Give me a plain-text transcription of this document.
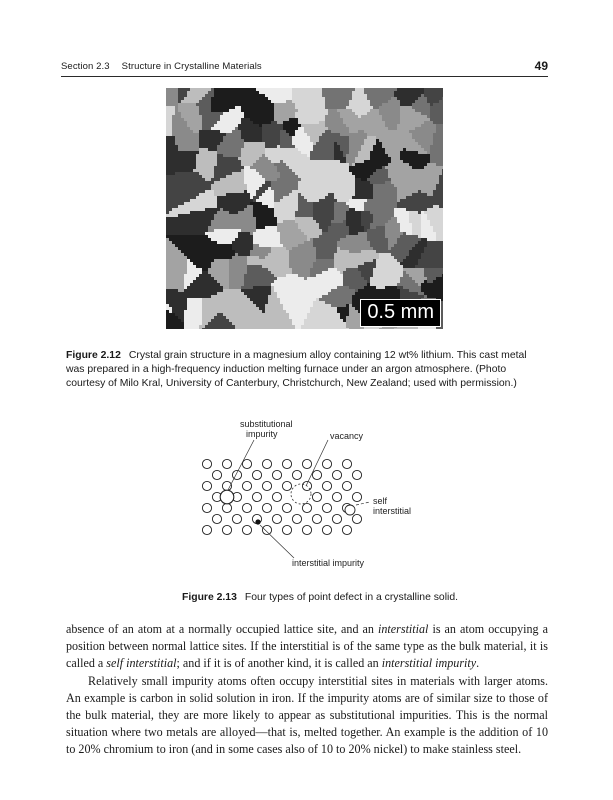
Section 2.3 Structure in Crystalline Materials	49
0.5 mm
Figure 2.12 Crystal grain structure in a magnesium alloy containing 12 wt% lithium. This cast metal was prepared in a high-frequency induction melting furnace under an argon atmosphere. (Photo courtesy of Milo Kral, University of Canterbury, Christchurch, New Zealand; used with permission.)
substitutional
impurity	vacancy
self
interstitial
interstitial impurity
Figure 2.13 Four types of point defect in a crystalline solid.

absence of an atom at a normally occupied lattice site, and an interstitial is an atom occupying a position between normal lattice sites. If the interstitial is of the same type as the bulk material, it is called a self interstitial; and if it is of another kind, it is called an interstitial impurity.

Relatively small impurity atoms often occupy interstitial sites in materials with larger atoms. An example is carbon in solid solution in iron. If the impurity atoms are of similar size to those of the bulk material, they are more likely to appear as substitutional impurities. This is the normal situation where two metals are alloyed—that is, melted together. An example is the addition of 10 to 20% chromium to iron (and in some cases also of 10 to 20% nickel) to make stainless steel.
